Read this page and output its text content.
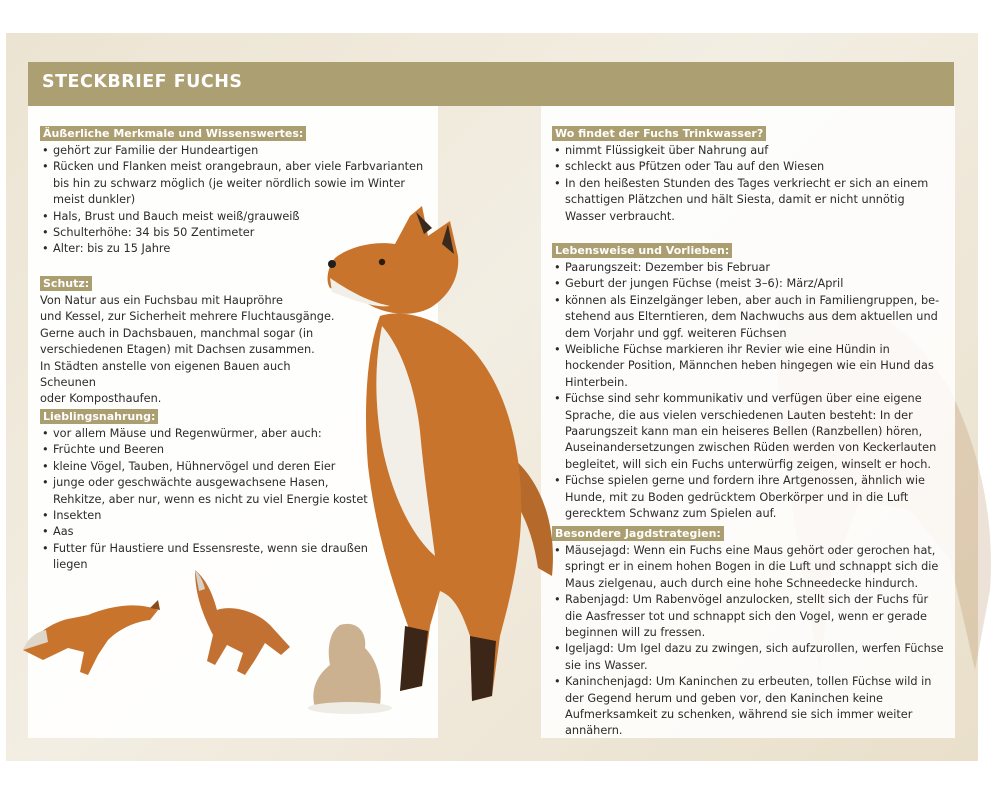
STECKBRIEF FUCHS
Äußerliche Merkmale und Wissenswertes:
• gehört zur Familie der Hundeartigen
• Rücken und Flanken meist orangebraun, aber viele Farbvarianten bis hin zu schwarz möglich (je weiter nördlich sowie im Winter meist dunkler)
• Hals, Brust und Bauch meist weiß/grauweiß
• Schulterhöhe: 34 bis 50 Zentimeter
• Alter: bis zu 15 Jahre
Schutz:

Von Natur aus ein Fuchsbau mit Haupröhre

und Kessel, zur Sicherheit mehrere Fluchtausgänge.

Gerne auch in Dachsbauen, manchmal sogar (in

verschiedenen Etagen) mit Dachsen zusammen.

In Städten anstelle von eigenen Bauen auch Scheunen

oder Komposthaufen.

Lieblingsnahrung:
• vor allem Mäuse und Regenwürmer, aber auch:
• Früchte und Beeren
• kleine Vögel, Tauben, Hühnervögel und deren Eier
• junge oder geschwächte ausgewachsene Hasen, Rehkitze, aber nur, wenn es nicht zu viel Energie kostet
• Insekten
• Aas
• Futter für Haustiere und Essensreste, wenn sie draußen liegen
Wo findet der Fuchs Trinkwasser?
• nimmt Flüssigkeit über Nahrung auf
• schleckt aus Pfützen oder Tau auf den Wiesen
• In den heißesten Stunden des Tages verkriecht er sich an einem schattigen Plätzchen und hält Siesta, damit er nicht unnötig Wasser verbraucht.
Lebensweise und Vorlieben:
• Paarungszeit: Dezember bis Februar
• Geburt der jungen Füchse (meist 3–6): März/April
• können als Einzelgänger leben, aber auch in Familiengruppen, bestehend aus Elterntieren, dem Nachwuchs aus dem aktuellen und dem Vorjahr und ggf. weiteren Füchsen
• Weibliche Füchse markieren ihr Revier wie eine Hündin in hockender Position, Männchen heben hingegen wie ein Hund das Hinterbein.
• Füchse sind sehr kommunikativ und verfügen über eine eigene Sprache, die aus vielen verschiedenen Lauten besteht: In der Paarungszeit kann man ein heiseres Bellen (Ranzbellen) hören, Auseinandersetzungen zwischen Rüden werden von Keckerlauten begleitet, will sich ein Fuchs unterwürfig zeigen, winselt er hoch.
• Füchse spielen gerne und fordern ihre Artgenossen, ähnlich wie Hunde, mit zu Boden gedrücktem Oberkörper und in die Luft gerecktem Schwanz zum Spielen auf.
Besondere Jagdstrategien:
• Mäusejagd: Wenn ein Fuchs eine Maus gehört oder gerochen hat, springt er in einem hohen Bogen in die Luft und schnappt sich die Maus zielgenau, auch durch eine hohe Schneedecke hindurch.
• Rabenjagd: Um Rabenvögel anzulocken, stellt sich der Fuchs für die Aasfresser tot und schnappt sich den Vogel, wenn er gerade beginnen will zu fressen.
• Igeljagd: Um Igel dazu zu zwingen, sich aufzurollen, werfen Füchse sie ins Wasser.
• Kaninchenjagd: Um Kaninchen zu erbeuten, tollen Füchse wild in der Gegend herum und geben vor, den Kaninchen keine Aufmerksamkeit zu schenken, während sie sich immer weiter annähern.
